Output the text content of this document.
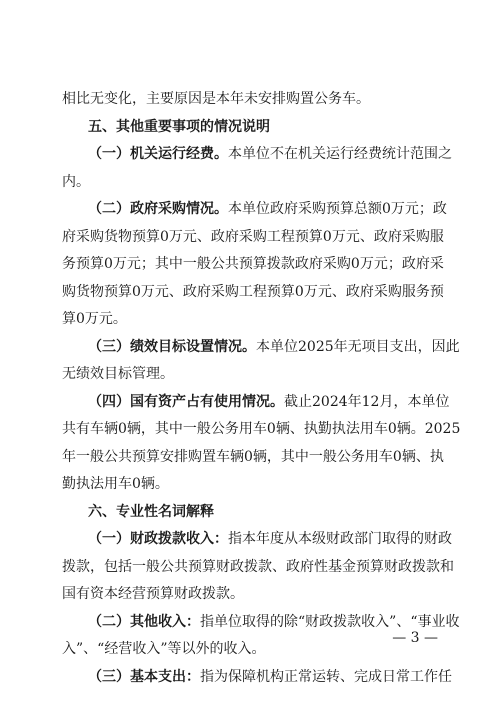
相比无变化，主要原因是本年未安排购置公务车。
五、其他重要事项的情况说明
（一）机关运行经费。本单位不在机关运行经费统计范围之
内。
（二）政府采购情况。本单位政府采购预算总额0万元；政
府采购货物预算0万元、政府采购工程预算0万元、政府采购服
务预算0万元；其中一般公共预算拨款政府采购0万元；政府采
购货物预算0万元、政府采购工程预算0万元、政府采购服务预
算0万元。
（三）绩效目标设置情况。本单位2025年无项目支出，因此
无绩效目标管理。
（四）国有资产占有使用情况。截止2024年12月，本单位
共有车辆0辆，其中一般公务用车0辆、执勤执法用车0辆。2025
年一般公共预算安排购置车辆0辆，其中一般公务用车0辆、执
勤执法用车0辆。
六、专业性名词解释
（一）财政拨款收入：指本年度从本级财政部门取得的财政
拨款，包括一般公共预算财政拨款、政府性基金预算财政拨款和
国有资本经营预算财政拨款。
（二）其他收入：指单位取得的除“财政拨款收入”、“事业收
入”、“经营收入”等以外的收入。
（三）基本支出：指为保障机构正常运转、完成日常工作任
— 3 —
